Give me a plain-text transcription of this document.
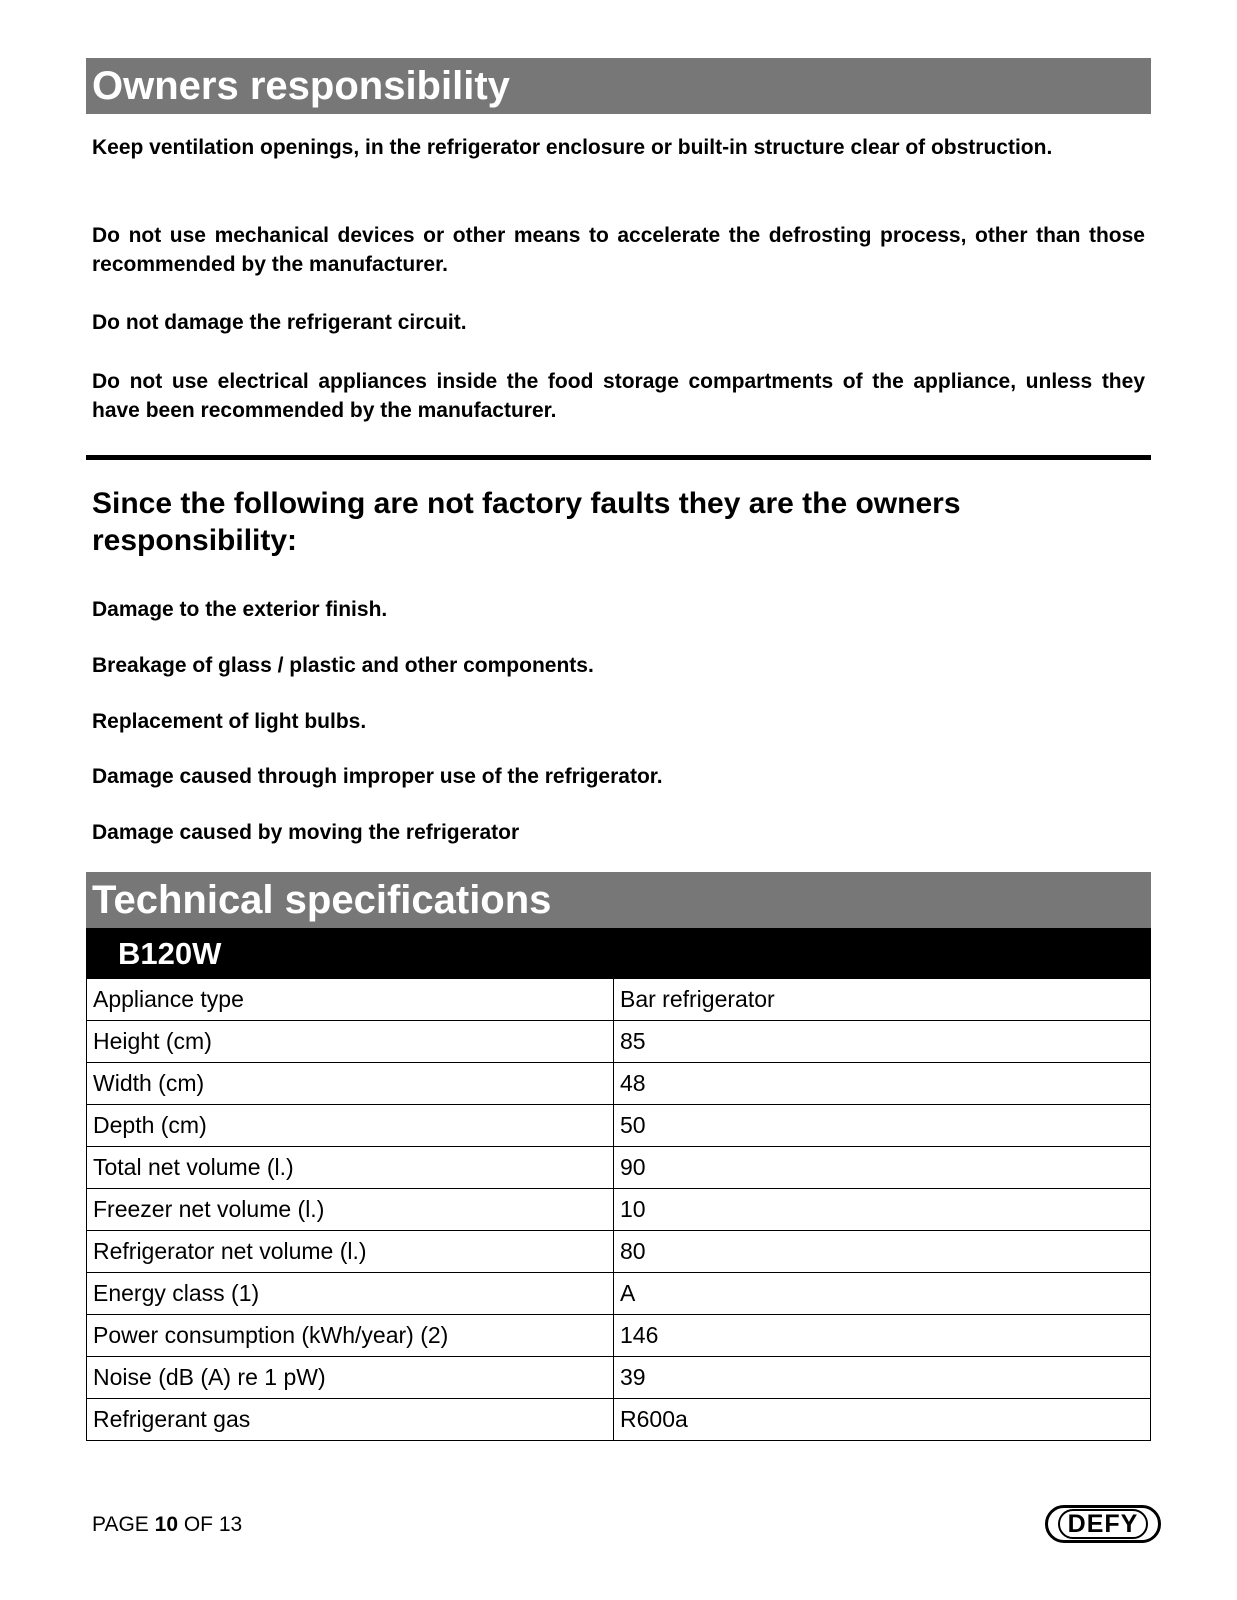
Owners responsibility

Keep ventilation openings, in the refrigerator enclosure or built-in structure clear of obstruction.

Do not use mechanical devices or other means to accelerate the defrosting process, other than those recommended by the manufacturer.

Do not damage the refrigerant circuit.

Do not use electrical appliances inside the food storage compartments of the appliance, unless they have been recommended by the manufacturer.

Since the following are not factory faults they are the owners responsibility:

Damage to the exterior finish.

Breakage of glass / plastic and other components.

Replacement of light bulbs.

Damage caused through improper use of the refrigerator.

Damage caused by moving the refrigerator

Technical specifications
B120W
Appliance type	Bar refrigerator
Height (cm)	85
Width (cm)	48
Depth (cm)	50
Total net volume (l.)	90
Freezer net volume (l.)	10
Refrigerator net volume (l.)	80
Energy class (1)	A
Power consumption (kWh/year) (2)	146
Noise (dB (A) re 1 pW)	39
Refrigerant gas	R600a
PAGE 10 OF 13	DEFY
